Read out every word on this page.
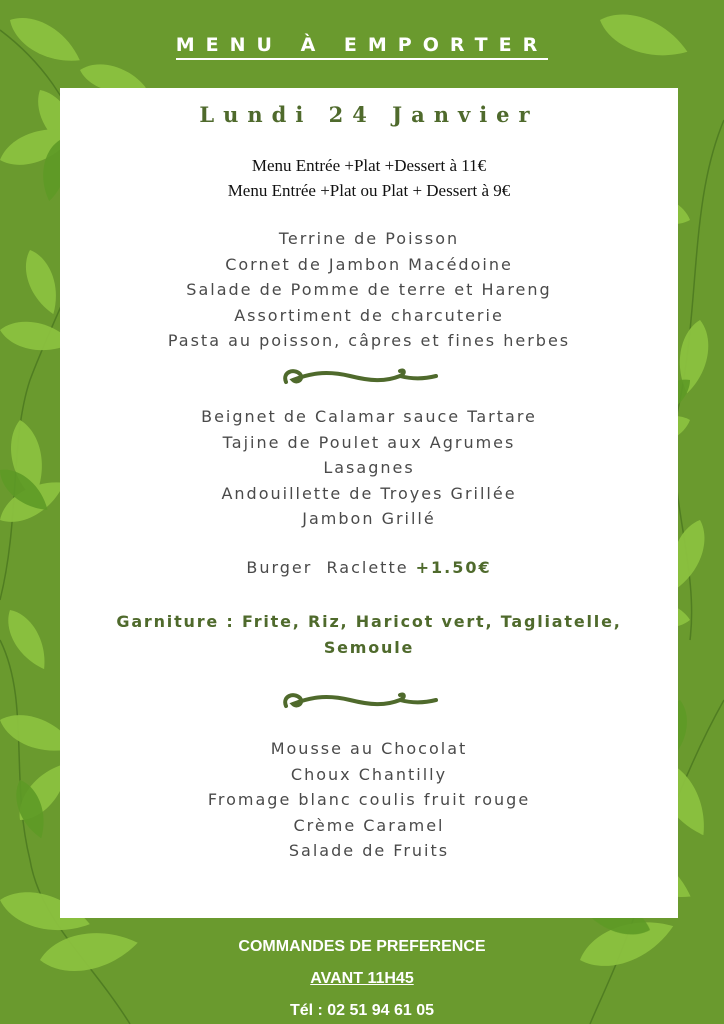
MENU À EMPORTER
Lundi 24 Janvier
Menu Entrée +Plat +Dessert à 11€
Menu Entrée +Plat ou Plat + Dessert à 9€
Terrine de Poisson
Cornet de Jambon Macédoine
Salade de Pomme de terre et Hareng
Assortiment de charcuterie
Pasta au poisson, câpres et fines herbes
Beignet de Calamar sauce Tartare
Tajine de Poulet aux Agrumes
Lasagnes
Andouillette de Troyes Grillée
Jambon Grillé
Burger  Raclette +1.50€
Garniture : Frite, Riz, Haricot vert, Tagliatelle, Semoule
Mousse au Chocolat
Choux Chantilly
Fromage blanc coulis fruit rouge
Crème Caramel
Salade de Fruits
COMMANDES DE PREFERENCE
AVANT 11H45
Tél : 02 51 94 61 05
